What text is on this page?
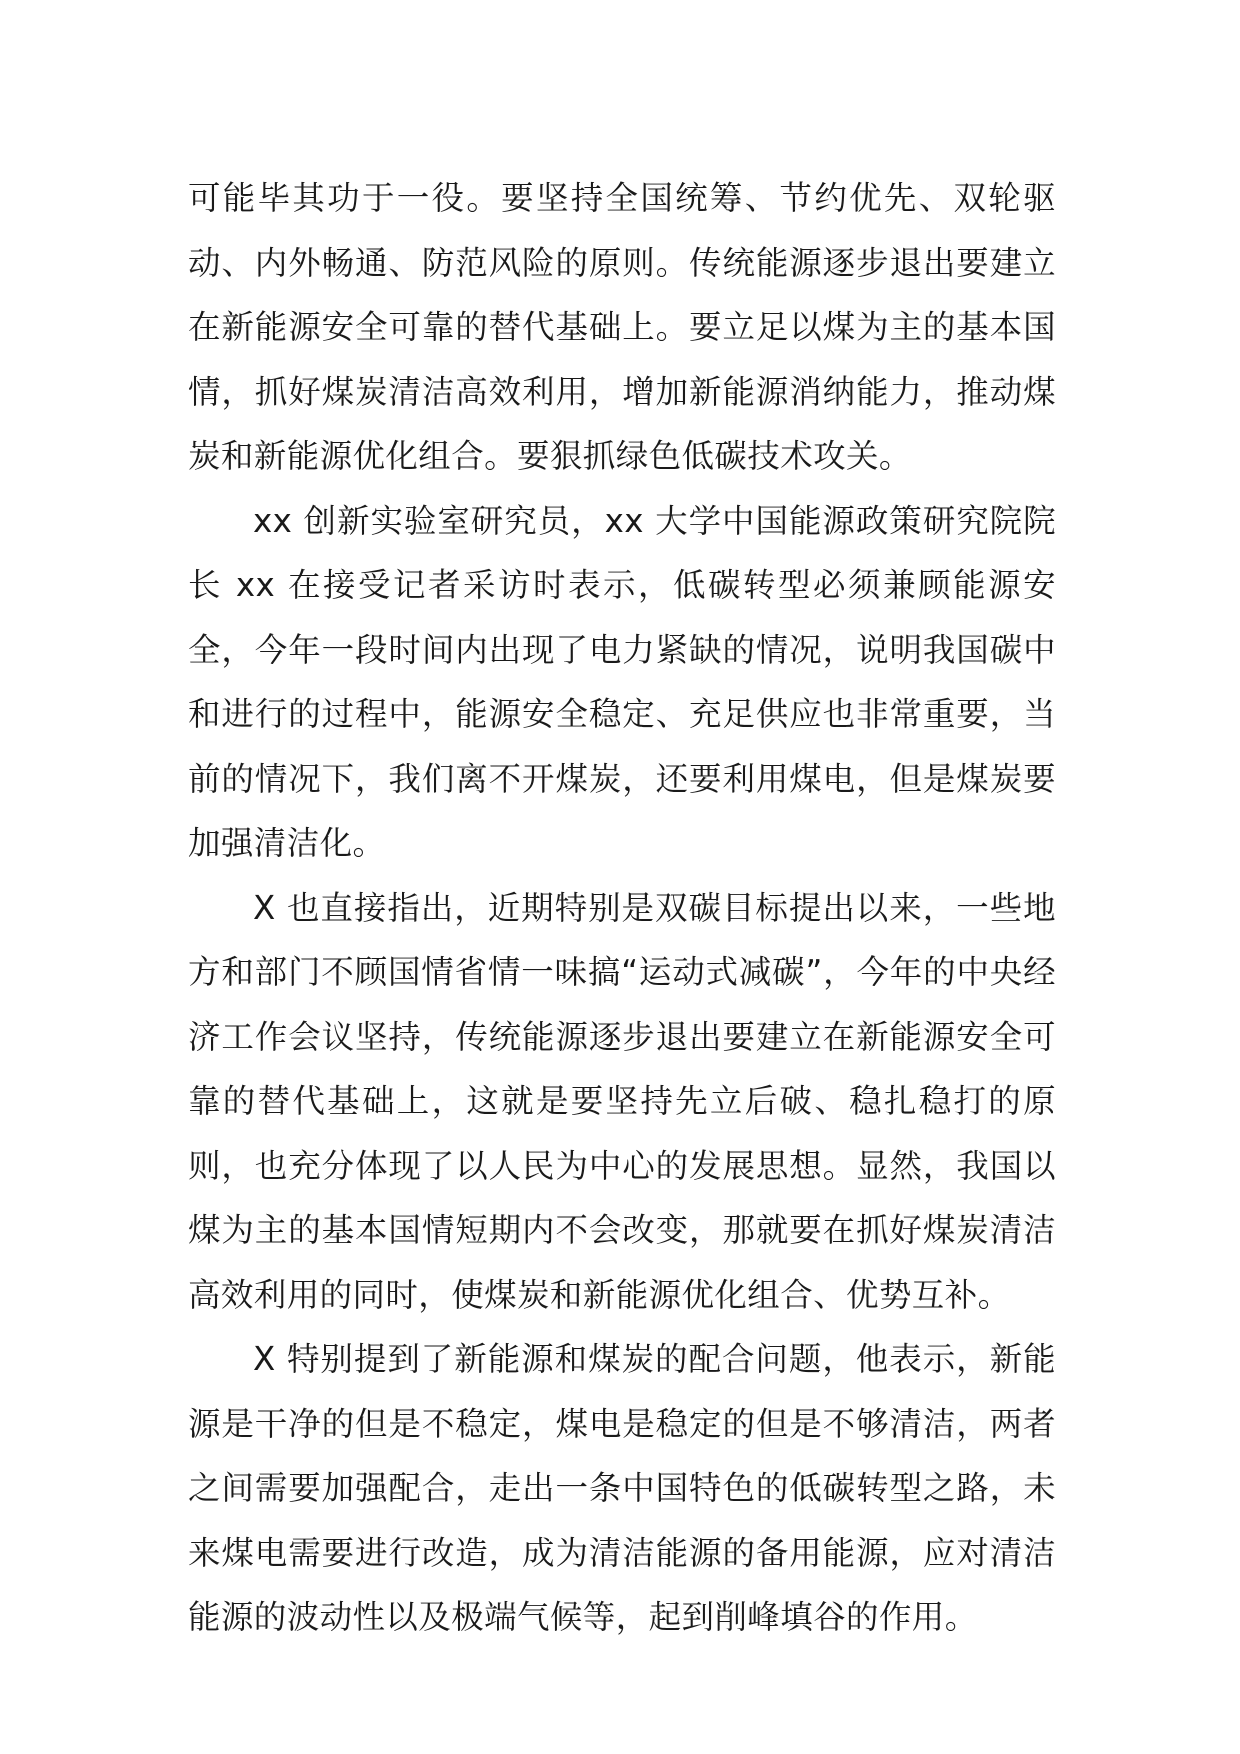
可能毕其功于一役。要坚持全国统筹、节约优先、双轮驱动、内外畅通、防范风险的原则。传统能源逐步退出要建立在新能源安全可靠的替代基础上。要立足以煤为主的基本国情，抓好煤炭清洁高效利用，增加新能源消纳能力，推动煤炭和新能源优化组合。要狠抓绿色低碳技术攻关。

xx 创新实验室研究员，xx 大学中国能源政策研究院院长 xx 在接受记者采访时表示，低碳转型必须兼顾能源安全，今年一段时间内出现了电力紧缺的情况，说明我国碳中和进行的过程中，能源安全稳定、充足供应也非常重要，当前的情况下，我们离不开煤炭，还要利用煤电，但是煤炭要加强清洁化。

X 也直接指出，近期特别是双碳目标提出以来，一些地方和部门不顾国情省情一味搞“运动式减碳”，今年的中央经济工作会议坚持，传统能源逐步退出要建立在新能源安全可靠的替代基础上，这就是要坚持先立后破、稳扎稳打的原则，也充分体现了以人民为中心的发展思想。显然，我国以煤为主的基本国情短期内不会改变，那就要在抓好煤炭清洁高效利用的同时，使煤炭和新能源优化组合、优势互补。

X 特别提到了新能源和煤炭的配合问题，他表示，新能源是干净的但是不稳定，煤电是稳定的但是不够清洁，两者之间需要加强配合，走出一条中国特色的低碳转型之路，未来煤电需要进行改造，成为清洁能源的备用能源，应对清洁能源的波动性以及极端气候等，起到削峰填谷的作用。
